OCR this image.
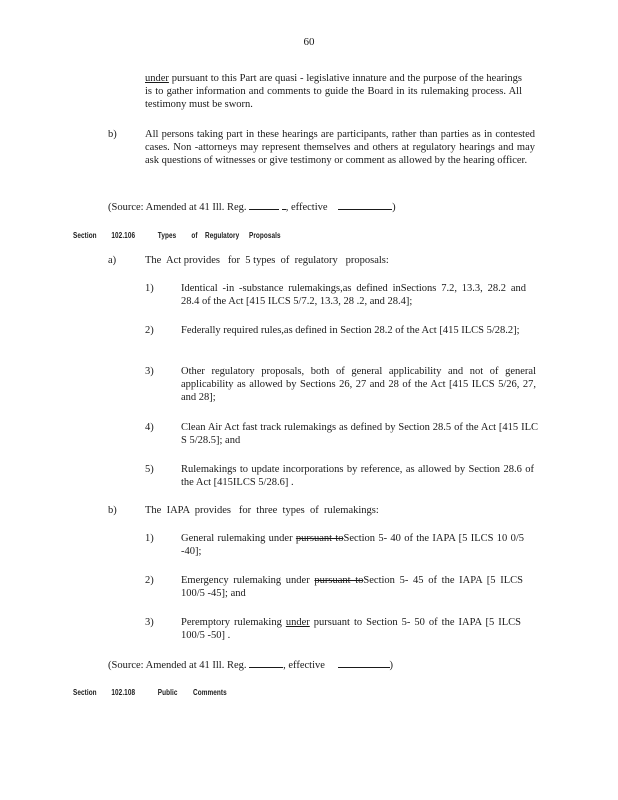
60
under pursuant to this Part are quasi - legislative innature and the purpose of the hearings is to gather information and comments to guide the Board in its rulemaking process. All testimony must be sworn.
b)	All persons taking part in these hearings are participants, rather than parties as in contested cases. Non -attorneys may represent themselves and others at regulatory hearings and may ask questions of witnesses or give testimony or comment as allowed by the hearing officer.
(Source: Amended at 41 Ill. Reg.	, effective	)
Section 102.106	Types of Regulatory Proposals
a)	The  Act provides   for  5 types  of  regulatory   proposals:
1)	Identical -in -substance rulemakings,as defined inSections 7.2, 13.3, 28.2 and 28.4 of the Act [415 ILCS 5/7.2, 13.3, 28 .2, and 28.4];
2)	Federally required rules,as defined in Section 28.2 of the Act [415 ILCS 5/28.2];
3)	Other regulatory proposals, both of general applicability and not of general applicability as allowed by Sections 26, 27 and 28 of the Act [415 ILCS 5/26, 27, and 28];
4)	Clean Air Act fast track rulemakings as defined by Section 28.5 of the Act [415 ILC S 5/28.5]; and
5)	Rulemakings to update incorporations by reference, as allowed by Section 28.6 of the Act [415ILCS 5/28.6] .
b)	The  IAPA  provides   for  three  types  of  rulemakings:
1)	General rulemaking under pursuant toSection 5- 40 of the IAPA [5 ILCS 10 0/5 -40];
2)	Emergency rulemaking under pursuant toSection 5- 45 of the IAPA [5 ILCS 100/5 -45]; and
3)	Peremptory rulemaking under pursuant to Section 5- 50 of the IAPA [5 ILCS 100/5 -50] .
(Source: Amended at 41 Ill. Reg.	, effective	)
Section 102.108	Public Comments
